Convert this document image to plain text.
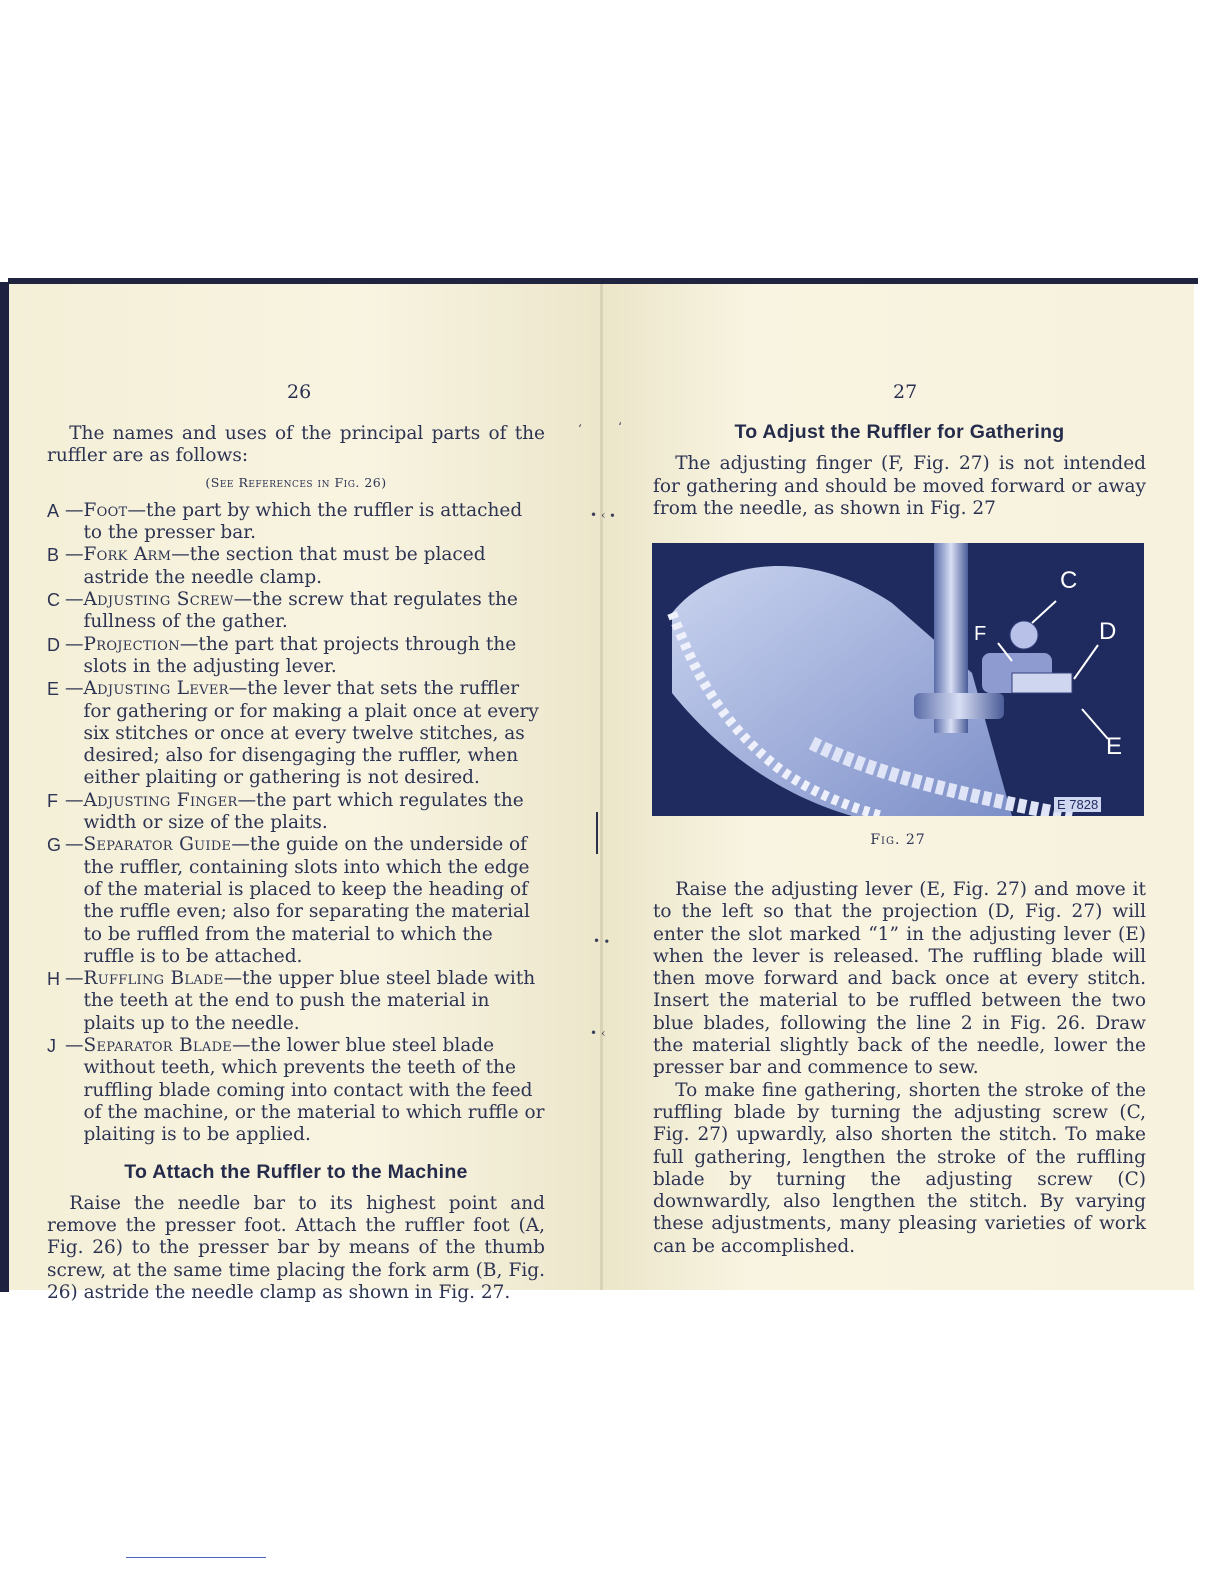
26

The names and uses of the principal parts of the ruffler are as follows:

(See References in Fig. 26)
A — Foot—the part by which the ruffler is attached to the presser bar.
B — Fork Arm—the section that must be placed astride the needle clamp.
C — Adjusting Screw—the screw that regulates the fullness of the gather.
D — Projection—the part that projects through the slots in the adjusting lever.
E — Adjusting Lever—the lever that sets the ruffler for gathering or for making a plait once at every six stitches or once at every twelve stitches, as desired; also for disengaging the ruffler, when either plaiting or gathering is not desired.
F — Adjusting Finger—the part which regulates the width or size of the plaits.
G — Separator Guide—the guide on the underside of the ruffler, containing slots into which the edge of the material is placed to keep the heading of the ruffle even; also for separating the material to be ruffled from the material to which the ruffle is to be attached.
H — Ruffling Blade—the upper blue steel blade with the teeth at the end to push the material in plaits up to the needle.
J — Separator Blade—the lower blue steel blade without teeth, which prevents the teeth of the ruffling blade coming into contact with the feed of the machine, or the material to which ruffle or plaiting is to be applied.
To Attach the Ruffler to the Machine

Raise the needle bar to its highest point and remove the presser foot. Attach the ruffler foot (A, Fig. 26) to the presser bar by means of the thumb screw, at the same time placing the fork arm (B, Fig. 26) astride the needle clamp as shown in Fig. 27.

27
To Adjust the Ruffler for Gathering

The adjusting finger (F, Fig. 27) is not intended for gathering and should be moved forward or away from the needle, as shown in Fig. 27

C
D
F
E
E 7828
Fig. 27

Raise the adjusting lever (E, Fig. 27) and move it to the left so that the projection (D, Fig. 27) will enter the slot marked “1” in the adjusting lever (E) when the lever is released. The ruffling blade will then move forward and back once at every stitch. Insert the material to be ruffled between the two blue blades, following the line 2 in Fig. 26. Draw the material slightly back of the needle, lower the presser bar and commence to sew.

To make fine gathering, shorten the stroke of the ruffling blade by turning the adjusting screw (C, Fig. 27) upwardly, also shorten the stitch. To make full gathering, lengthen the stroke of the ruffling blade by turning the adjusting screw (C) downwardly, also lengthen the stitch. By varying these adjustments, many pleasing varieties of work can be accomplished.

‘	‘
• ‹ ∙
• ∙
• ‹
